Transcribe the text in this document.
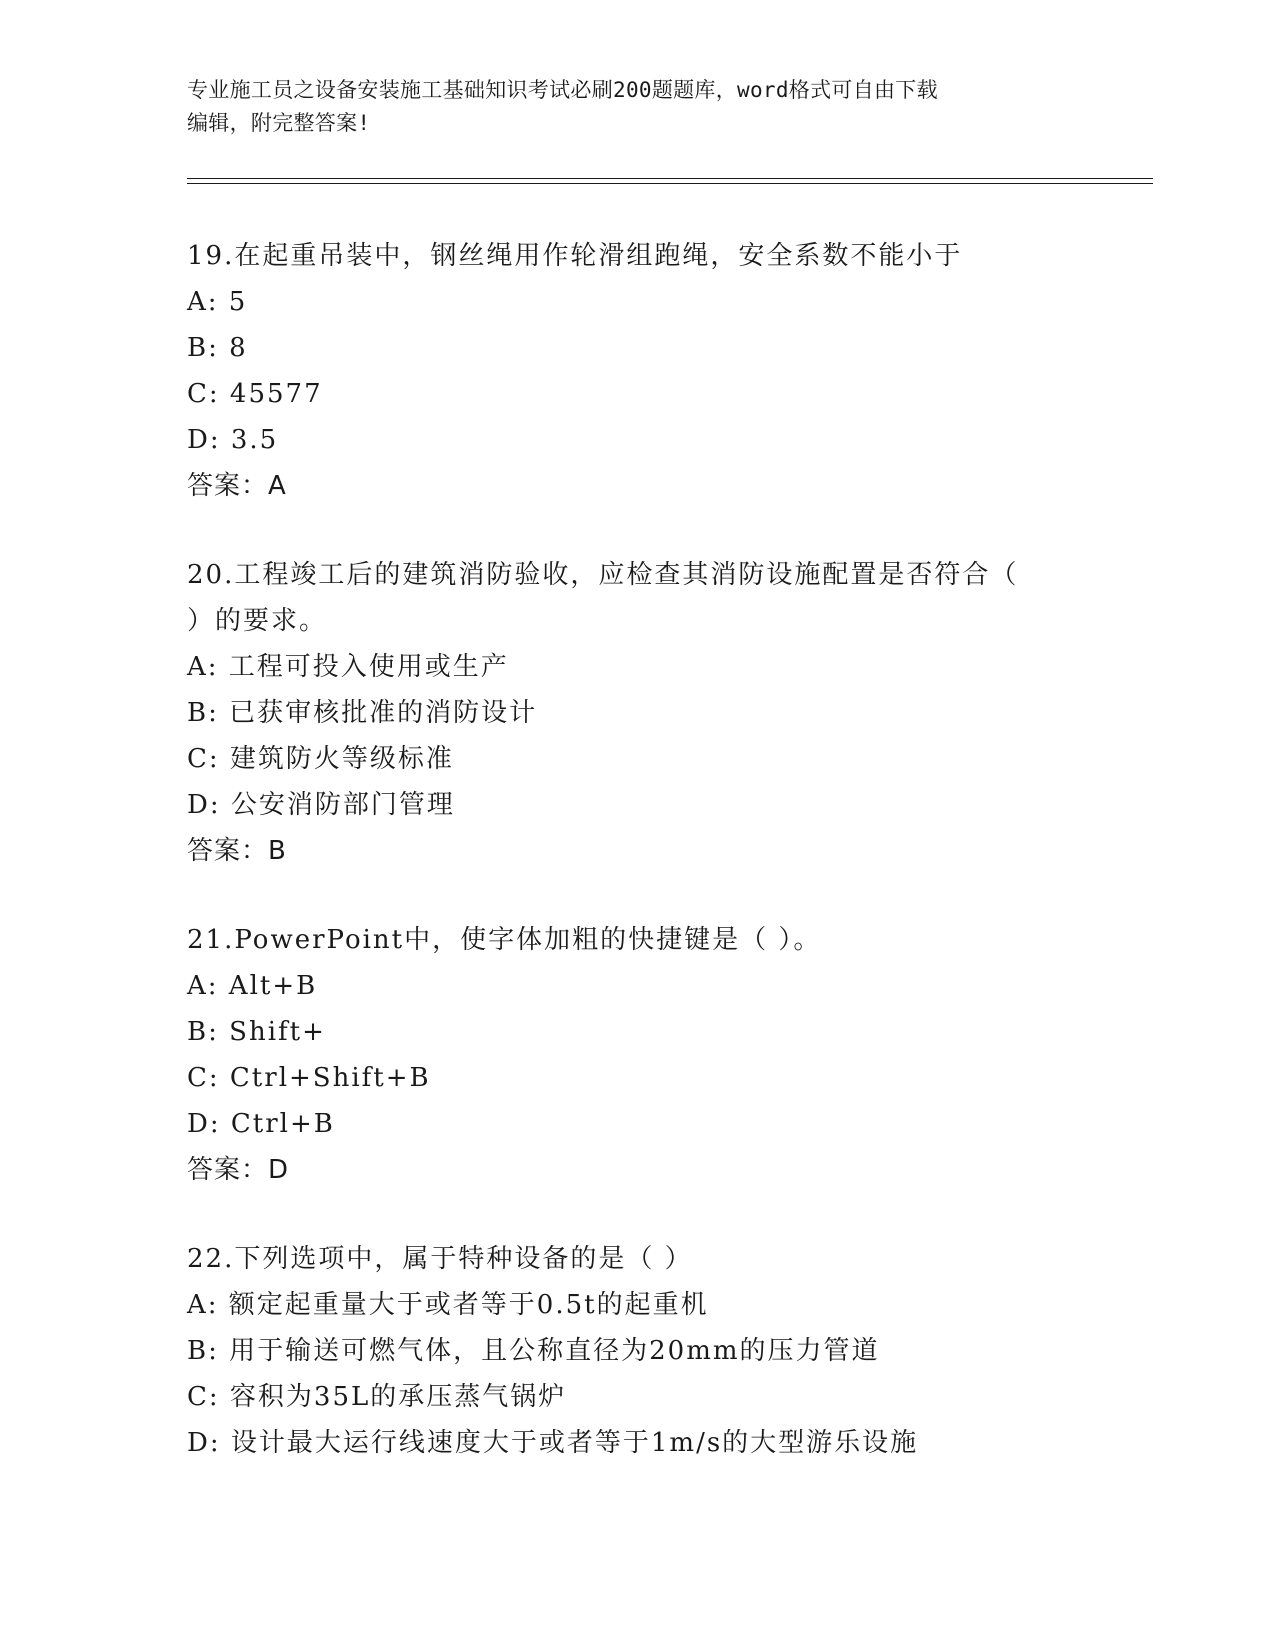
专业施工员之设备安装施工基础知识考试必刷200题题库，word格式可自由下载
编辑，附完整答案!
19.在起重吊装中，钢丝绳用作轮滑组跑绳，安全系数不能小于
A: 5
B: 8
C: 45577
D: 3.5
答案：A
20.工程竣工后的建筑消防验收，应检查其消防设施配置是否符合（
）的要求。
A: 工程可投入使用或生产
B: 已获审核批准的消防设计
C: 建筑防火等级标准
D: 公安消防部门管理
答案：B
21.PowerPoint中，使字体加粗的快捷键是（ ）。
A: Alt+B
B: Shift+
C: Ctrl+Shift+B
D: Ctrl+B
答案：D
22.下列选项中，属于特种设备的是（ ）
A: 额定起重量大于或者等于0.5t的起重机
B: 用于输送可燃气体，且公称直径为20mm的压力管道
C: 容积为35L的承压蒸气锅炉
D: 设计最大运行线速度大于或者等于1m/s的大型游乐设施
